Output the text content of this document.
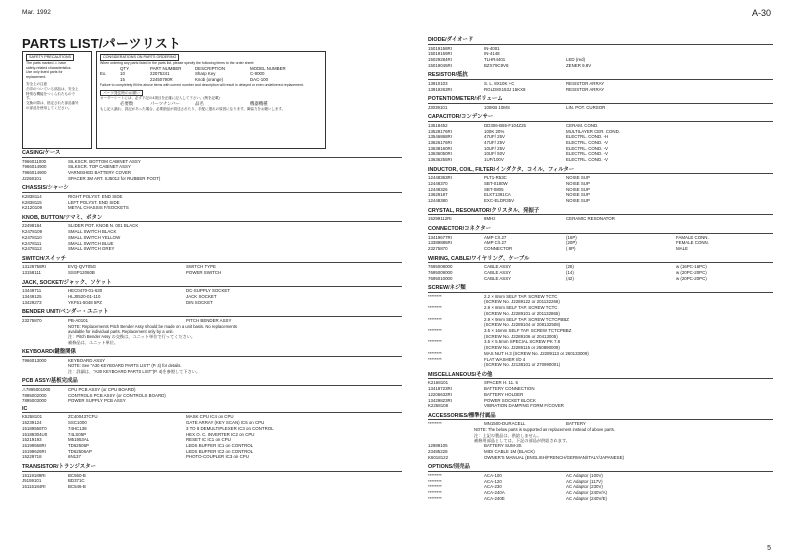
Mar. 1992	A-30
PARTS LIST/パーツリスト
SAFETY PRECAUTIONS
The parts marked ⚠ have
safety-related characteristics.
Use only listed parts for
replacement.
安全上の注意
⚠印のついている部品は、安全上
特別な機能をつくられたもので
す。
交換の際は、指定された部品番号
の部品を使用してください。
CONSIDERATIONS ON PARTS ORDERING
When ordering any parts listed in the parts list, please specify the following items to the order sheet:
QTY	PART NUMBER	DESCRIPTION	MODEL NUMBER
Ex.	10	22075241	Sharp Key	C-9000
15	22450790R	Knob (orange)	DAC-100
Failure to completely fill the above items with correct number and description will result in delayed or even undelivered replacement.
パーツ発注時のお願い
オーダーシートには、必ず下記の4項目を正確に記入して下さい。(例を記載)
必要数	パーツナンバー	品名	機器機種
もし記入漏れ、誤記があった場合、必要納品が誤送されたり、手配に遅れの原因になります。御協力をお願いします。
CASING/ケース
7966011000	SILKSCR. BOTTOM CABINET ASSY
7966014900	SILKSCR. TOP CABINET ASSY
7966014900	VARNISHED BATTERY COVER
J2268101	SPACER 3M ART. SJ5012 for RUBBER FOOT)
CHASSIS/シャーシ
K2838114	RIGHT POLYST. END SIDE
K2838115	LEFT POLYST. END SIDE
K2120109	METAL CHASSIS F/SOCKETS
KNOB, BUTTON/ツマミ、ボタン
22498184	SLIDER POT. KNOB N. 001 BLACK
K2478109	SMALL SWITCH BLACK
K2478110	SMALL SWITCH YELLOW
K2478111	SMALL SWITCH BLUE
K2478112	SMALL SWITCH GREY
SWITCH/スイッチ
13129758RI	EVQ-QVT05G	SWITCH TYPE
13158111	SSSP12060B	POWER SWITCH
JACK, SOCKET/ジャック、ソケット
13449711	HEC0470-01-630	DC-SUPPLY SOCKET
13449125	HLJ0520-01-110	JACK SOCKET
13429273	YKF51-5048 5PZ	DIN SOCKET
BENDER UNIT/ベンダー・ユニット
23275870	PB-A0101	PITCH BENDER ASSY
NOTE: Replacements Pitch Bender Assy should be made on a unit basis. No replacements
available for individual parts. Replacement only by a unit.
注：Pitch Bender Assy の交換は、ユニット単位で行ってください。
補修品は、ユニット単位。
KEYBOARD/鍵盤関係
7966013000	KEYBOARD ASSY
NOTE: See "A30 KEYBOARD PARTS LIST" (P. 4) for details.
注：詳細は、"A30 KEYBOARD PARTS LIST"(P. 4)を参照して下さい。
PCB ASSY/基板完成品
⚠7895001000	CPU PCB ASSY (or CPU BOARD)
7895002000	CONTROLS PCB ASSY (or CONTROLS BOARD)
7895003000	POWER SUPPLY PCB ASSY
IC
K5258101	ZC400437CFU	MASK CPU IC4 on CPU
15239124	SSC1000	GATE ARRAY (KEY SCAN) IC5 on CPU
15189556T0	74HC138	3 TO 8 DEMULTIPLEXER IC3 on CONTROL
15189304U0	74LS05P	HEX O. C. INVERTER IC2 on CPU
15219193	M51953AL	RESET IC IC1 on CPU
15199568RI	TD62506P	LEDS BUFFER IC1 on CONTROL
15199626RI	TD62506AP	LEDS BUFFER IC2 on CONTROL
15229718	6N137	PHOTO-COUPLER IC3 on CPU
TRANSISTOR/トランジスター
15119189RI	BC560-B
J5159101	BD371C
15115184RI	BC546-B
DIODE/ダイオード
15019158RI	IN-4001
15019159RI	IN-4148
15029284RI	TLHR4401	LED (red)
15019045RI	BZX79C9V8	ZENER 9.8V
RESISTOR/抵抗
13910103	S. L. 8X10K +C	RESISTOR ARRAY
13919263RI	RGLD8X153J 15KX8	RESISTOR ARRAY
POTENTIOMETER/ボリューム
J3039101	100KB 10MS	LIN. POT. CURSOR
CAPACITOR/コンデンサー
13518452	DD306-B55-F104Z25	CERAM. COND.
13529176RI	100K 20%	MULTILAYER CER. COND.
13546868RI	47UF/ 25V	ELECTRL. COND. -H
13626176RI	47UF/ 25V	ELECTRL. COND. -V
13638160RI	10UF/ 25V	ELECTRL. COND. -V
13636050RI	10UF/ 50V	ELECTRL. COND. -V
13636255RI	1UF/100V	ELECTRL. COND. -V
INDUCTOR, COIL, FILTER/インダクタ、コイル、フィルター
12448363RI	PLT1-R53C	NOISE SUP
12448370	SBT-0180W	NOISE SUP
12448326	SBT-0805	NOISE SUP
13629187	ELKT1391CA	NOISE SUP
12448380	EXC-ELDR35V	NOISE SUP
CRYSTAL, RESONATOR/クリスタル、発振子
15299112RI	8MHz	CERAMIC RESONATOR
CONNECTOR/コネクター
13419677RI	AMP C/I.27	(16P)	FAMALE CONN.
13389886RI	AMP C/I.27	(20P)	FEMALE CONN.
23275870	CONNECTOR	( 8P)	MALE
WIRING, CABLE/ワイヤリング、ケーブル
7695008000	CABLE ASSY	(28)	w (16PC-16PC)
7695009000	CABLE ASSY	(14)	w (20PC-20PC)
7695010000	CABLE ASSY	(42)	w (20PC-20PC)
SCREW/ネジ類
********	2.2 × 8mm SELF TAP. SCREW TCTC
(SCREW No. J2289122 or 201132266)
********	2.9 × 8mm SELF TAP. SCREW TCTC
(SCREW No. J2289101 or 201132865)
********	2.9 × 9mm SELF TAP. SCREW TCTCPBBZ
(SCREW No. J2289104 or 208132508)
********	3.5 × 16mm SELF TAP. SCREW TCTCPBBZ
(SCREW No. J2289106 or 20413005)
********	3.5 × 5.5mm SPECIAL SCREW PK 7.8
(SCREW No. J2289115 or 250890009)
********	MAS NUT H.3 (SCREW No. J2289113 or 260133009)
********	FLAT WASHER I/D 4
(SCREW No. J2138101 or 270990001)
MISCELLANEOUS/その他
K2168101	SPACER H. 11. 5
13418723RI	BATTERY CONNECTION
12206632RI	BATTERY HOLDER
13429823RI	POWER SOCKET BLOCK
K2268108	VIBRATION DAMPING FORM F/COVER
ACCESSORIES/標準付属品
********	MN1500-DURACELL	BATTERY
NOTE: The below parts is supported as replacement instead of above parts.
注：上記の製品は、供給しません。
補修用部品としては、下記の部品が供給されます。
12989105	BATTERY SUM-3S
23485228	MIDI CABLE 1M (BLACK)
K6018122	OWNER'S MANUAL (ENGLISH/FRENCH/GERMAN/ITALY/JAPANESE)
OPTIONS/別売品
********	ACA-100	AC Adaptor (100V)
********	ACA-120	AC Adaptor (117V)
********	ACA-230	AC Adaptor (230V)
********	ACA-240A	AC Adaptor (240V/A)
********	ACA-240E	AC Adaptor (240V/E)
5
